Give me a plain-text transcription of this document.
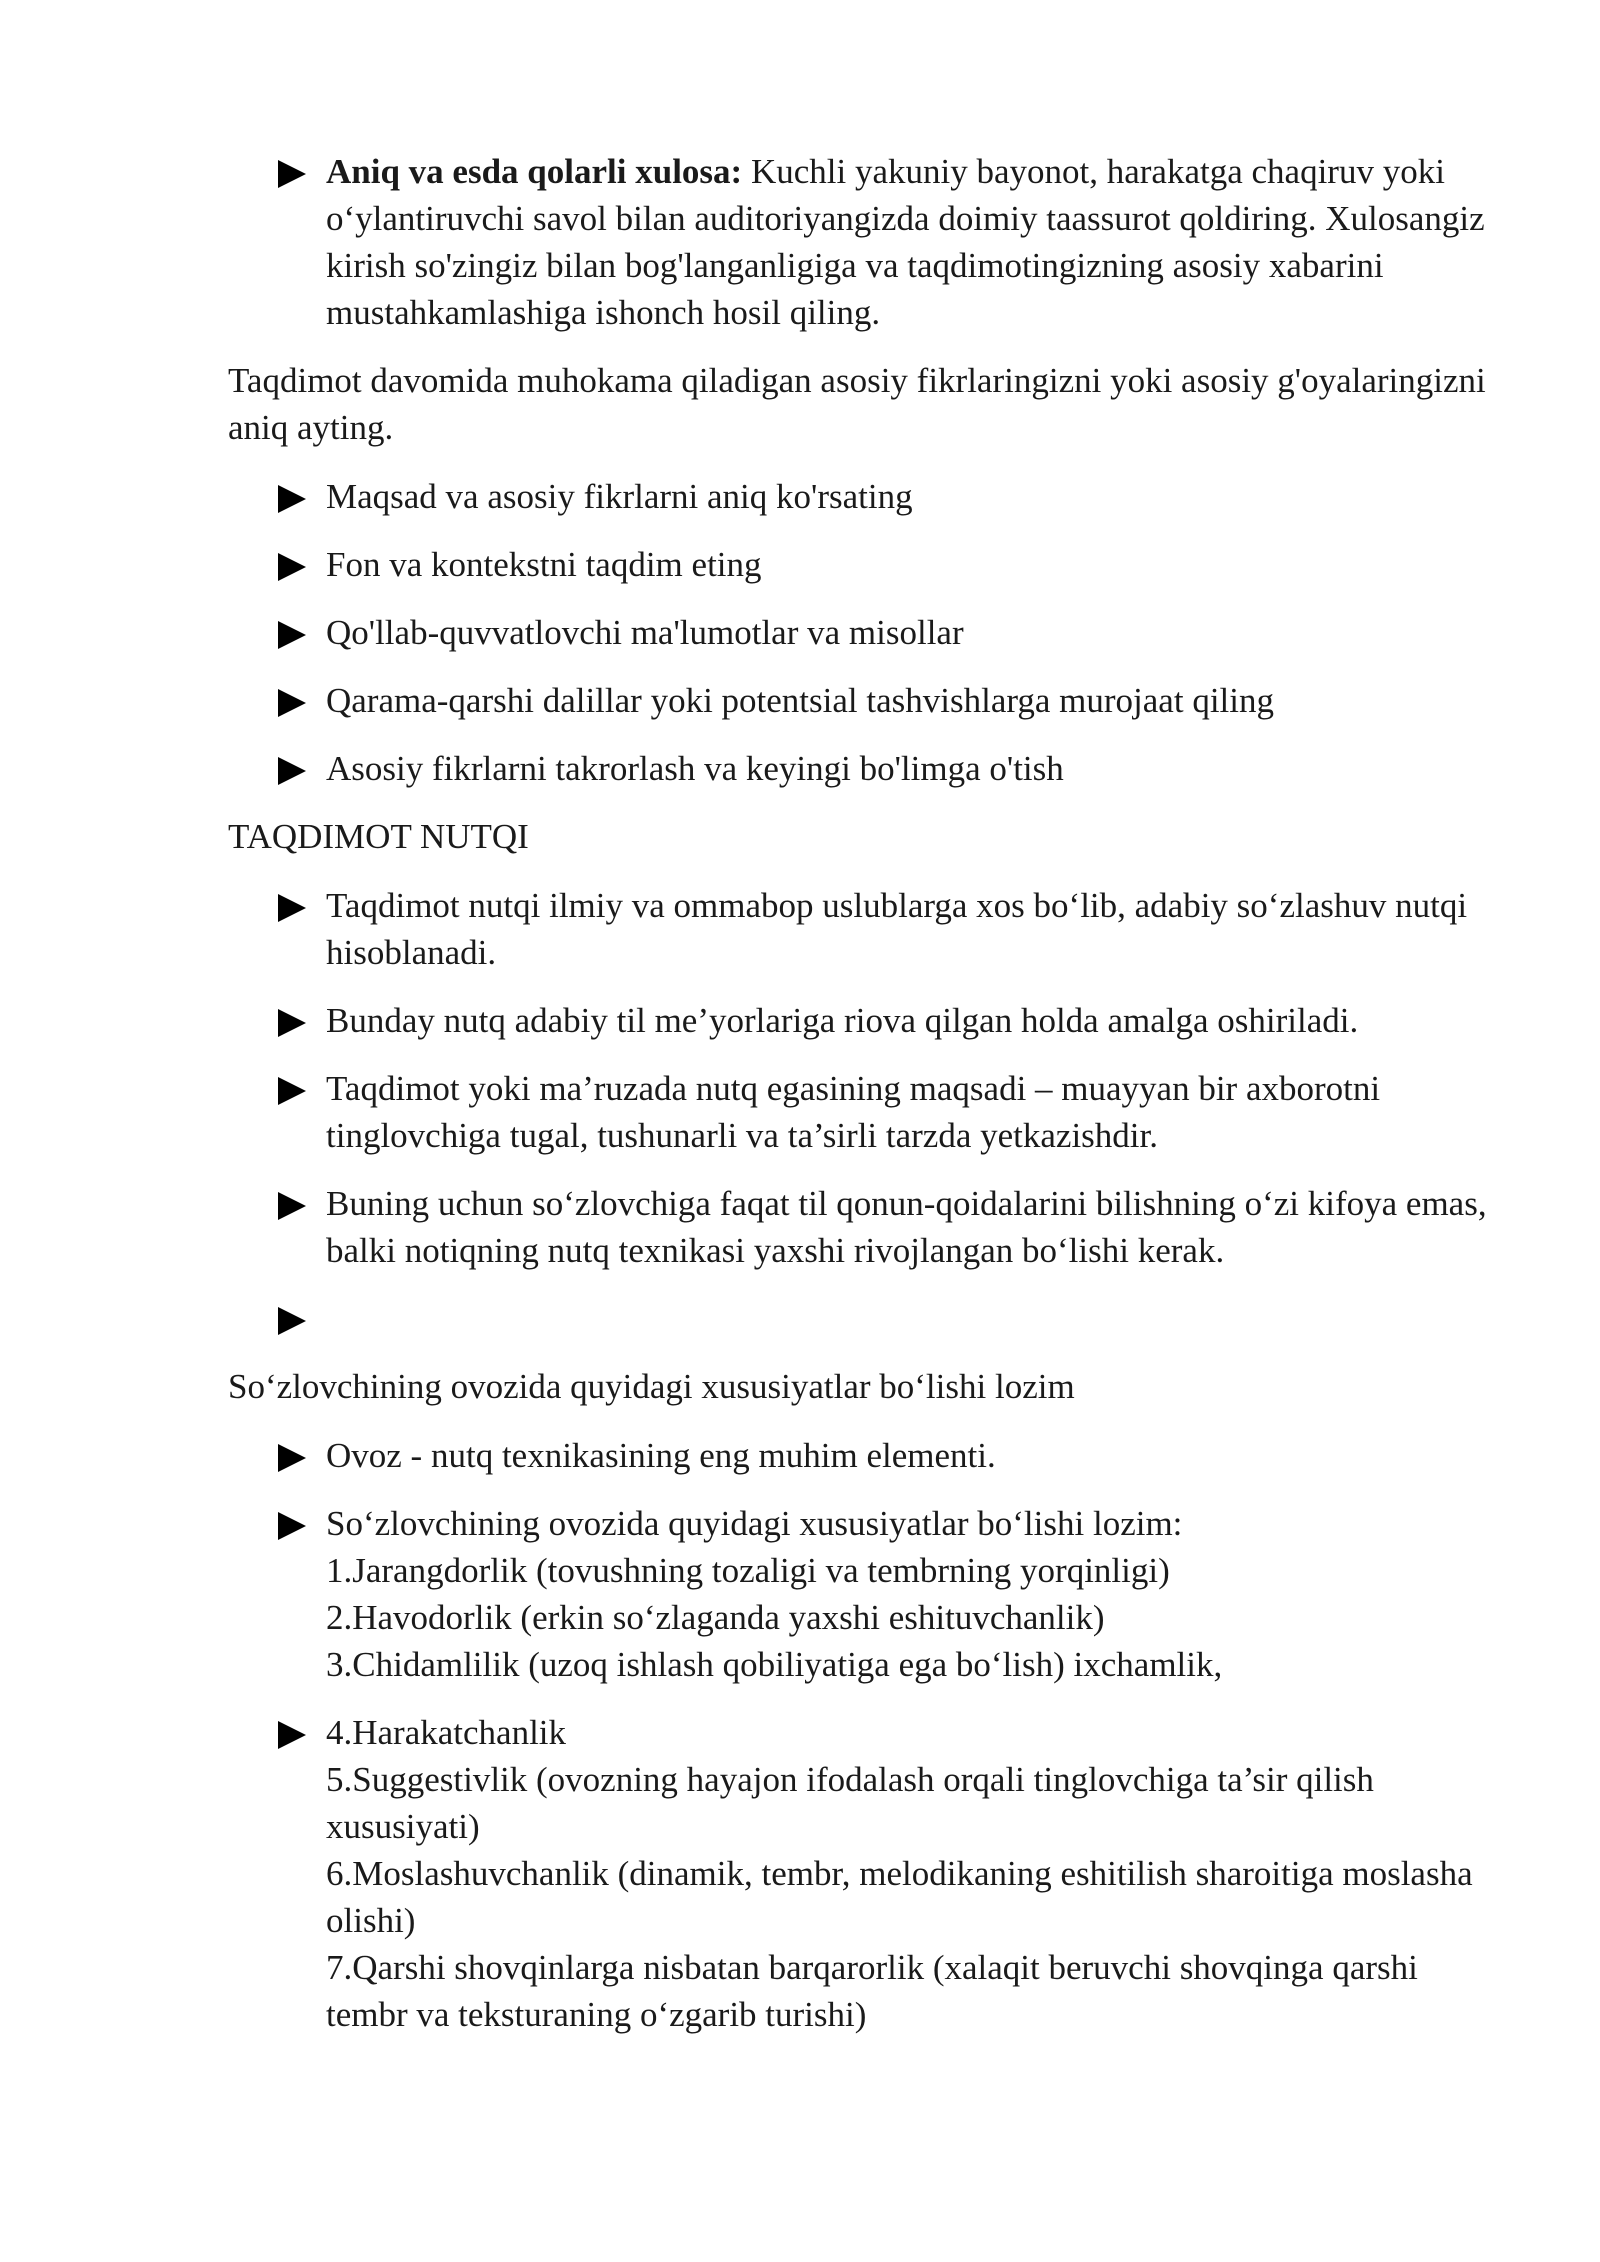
Aniq va esda qolarli xulosa: Kuchli yakuniy bayonot, harakatga chaqiruv yoki o‘ylantiruvchi savol bilan auditoriyangizda doimiy taassurot qoldiring. Xulosangiz kirish so'zingiz bilan bog'langanligiga va taqdimotingizning asosiy xabarini mustahkamlashiga ishonch hosil qiling.

Taqdimot davomida muhokama qiladigan asosiy fikrlaringizni yoki asosiy g'oyalaringizni aniq ayting.

Maqsad va asosiy fikrlarni aniq ko'rsating
Fon va kontekstni taqdim eting
Qo'llab-quvvatlovchi ma'lumotlar va misollar
Qarama-qarshi dalillar yoki potentsial tashvishlarga murojaat qiling
Asosiy fikrlarni takrorlash va keyingi bo'limga o'tish

TAQDIMOT NUTQI

Taqdimot nutqi ilmiy va ommabop uslublarga xos bo‘lib, adabiy so‘zlashuv nutqi hisoblanadi.
Bunday nutq adabiy til me’yorlariga riova qilgan holda amalga oshiriladi.
Taqdimot yoki ma’ruzada nutq egasining maqsadi – muayyan bir axborotni tinglovchiga tugal, tushunarli va ta’sirli tarzda yetkazishdir.
Buning uchun so‘zlovchiga faqat til qonun-qoidalarini bilishning o‘zi kifoya emas, balki notiqning nutq texnikasi yaxshi rivojlangan bo‘lishi kerak.

So‘zlovchining ovozida quyidagi xususiyatlar bo‘lishi lozim

Ovoz - nutq texnikasining eng muhim elementi.
So‘zlovchining ovozida quyidagi xususiyatlar bo‘lishi lozim:
1.Jarangdorlik (tovushning tozaligi va tembrning yorqinligi)
2.Havodorlik (erkin so‘zlaganda yaxshi eshituvchanlik)
3.Chidamlilik (uzoq ishlash qobiliyatiga ega bo‘lish) ixchamlik,
4.Harakatchanlik
5.Suggestivlik (ovozning hayajon ifodalash orqali tinglovchiga ta’sir qilish xususiyati)
6.Moslashuvchanlik (dinamik, tembr, melodikaning eshitilish sharoitiga moslasha olishi)
7.Qarshi shovqinlarga nisbatan barqarorlik (xalaqit beruvchi shovqinga qarshi tembr va teksturaning o‘zgarib turishi)
